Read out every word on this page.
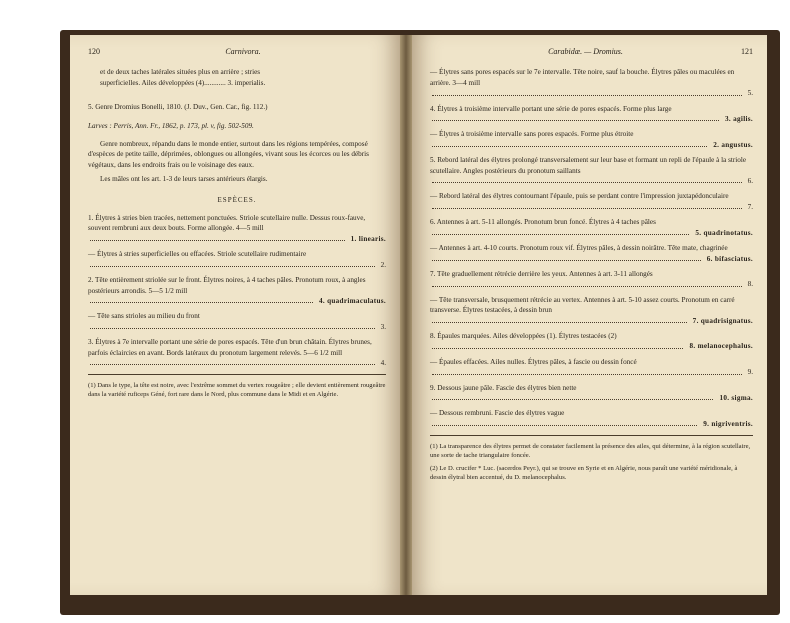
120	Carnivora.

et de deux taches latérales situées plus en arrière ; stries

superficielles. Ailes développées (4)............ 3. imperialis.

5. Genre Dromius Bonelli, 1810. (J. Duv., Gen. Car., fig. 112.)

Larves : Perris, Ann. Fr., 1862, p. 173, pl. v, fig. 502-509.

Genre nombreux, répandu dans le monde entier, surtout dans les régions tempérées, composé d'espèces de petite taille, déprimées, oblongues ou allongées, vivant sous les écorces ou les débris végétaux, dans les endroits frais ou le voisinage des eaux.

Les mâles ont les art. 1-3 de leurs tarses antérieurs élargis.

ESPÈCES.

1. Élytres à stries bien tracées, nettement ponctuées. Striole scutellaire nulle. Dessus roux-fauve, souvent rembruni aux deux bouts. Forme allongée. 4—5 mill

1. linearis.

— Élytres à stries superficielles ou effacées. Striole scutellaire rudimentaire

2.

2. Tête entièrement striolée sur le front. Élytres noires, à 4 taches pâles. Pronotum roux, à angles postérieurs arrondis. 5—5 1/2 mill

4. quadrimaculatus.

— Tête sans strioles au milieu du front

3.

3. Élytres à 7e intervalle portant une série de pores espacés. Tête d'un brun châtain. Élytres brunes, parfois éclaircies en avant. Bords latéraux du pronotum largement relevés. 5—6 1/2 mill

4.

(1) Dans le type, la tête est noire, avec l'extrême sommet du vertex rougeâtre ; elle devient entièrement rougeâtre dans la variété ruficeps Géné, fort rare dans le Nord, plus commune dans le Midi et en Algérie.

Carabidæ. — Dromius.	121

— Élytres sans pores espacés sur le 7e intervalle. Tête noire, sauf la bouche. Élytres pâles ou maculées en arrière. 3—4 mill

5.

4. Élytres à troisième intervalle portant une série de pores espacés. Forme plus large

3. agilis.

— Élytres à troisième intervalle sans pores espacés. Forme plus étroite

2. angustus.

5. Rebord latéral des élytres prolongé transversalement sur leur base et formant un repli de l'épaule à la striole scutellaire. Angles postérieurs du pronotum saillants

6.

— Rebord latéral des élytres contournant l'épaule, puis se perdant contre l'impression juxtapédonculaire

7.

6. Antennes à art. 5-11 allongés. Pronotum brun foncé. Élytres à 4 taches pâles

5. quadrinotatus.

— Antennes à art. 4-10 courts. Pronotum roux vif. Élytres pâles, à dessin noirâtre. Tête mate, chagrinée

6. bifasciatus.

7. Tête graduellement rétrécie derrière les yeux. Antennes à art. 3-11 allongés

8.

— Tête transversale, brusquement rétrécie au vertex. Antennes à art. 5-10 assez courts. Pronotum en carré transverse. Élytres testacées, à dessin brun

7. quadrisignatus.

8. Épaules marquées. Ailes développées (1). Élytres testacées (2)

8. melanocephalus.

— Épaules effacées. Ailes nulles. Élytres pâles, à fascie ou dessin foncé

9.

9. Dessous jaune pâle. Fascie des élytres bien nette

10. sigma.

— Dessous rembruni. Fascie des élytres vague

9. nigriventris.

(1) La transparence des élytres permet de constater facilement la présence des ailes, qui détermine, à la région scutellaire, une sorte de tache triangulaire foncée.

(2) Le D. crucifer * Luc. (sacerdos Peyr.), qui se trouve en Syrie et en Algérie, nous paraît une variété méridionale, à dessin élytral bien accentué, du D. melanocephalus.
